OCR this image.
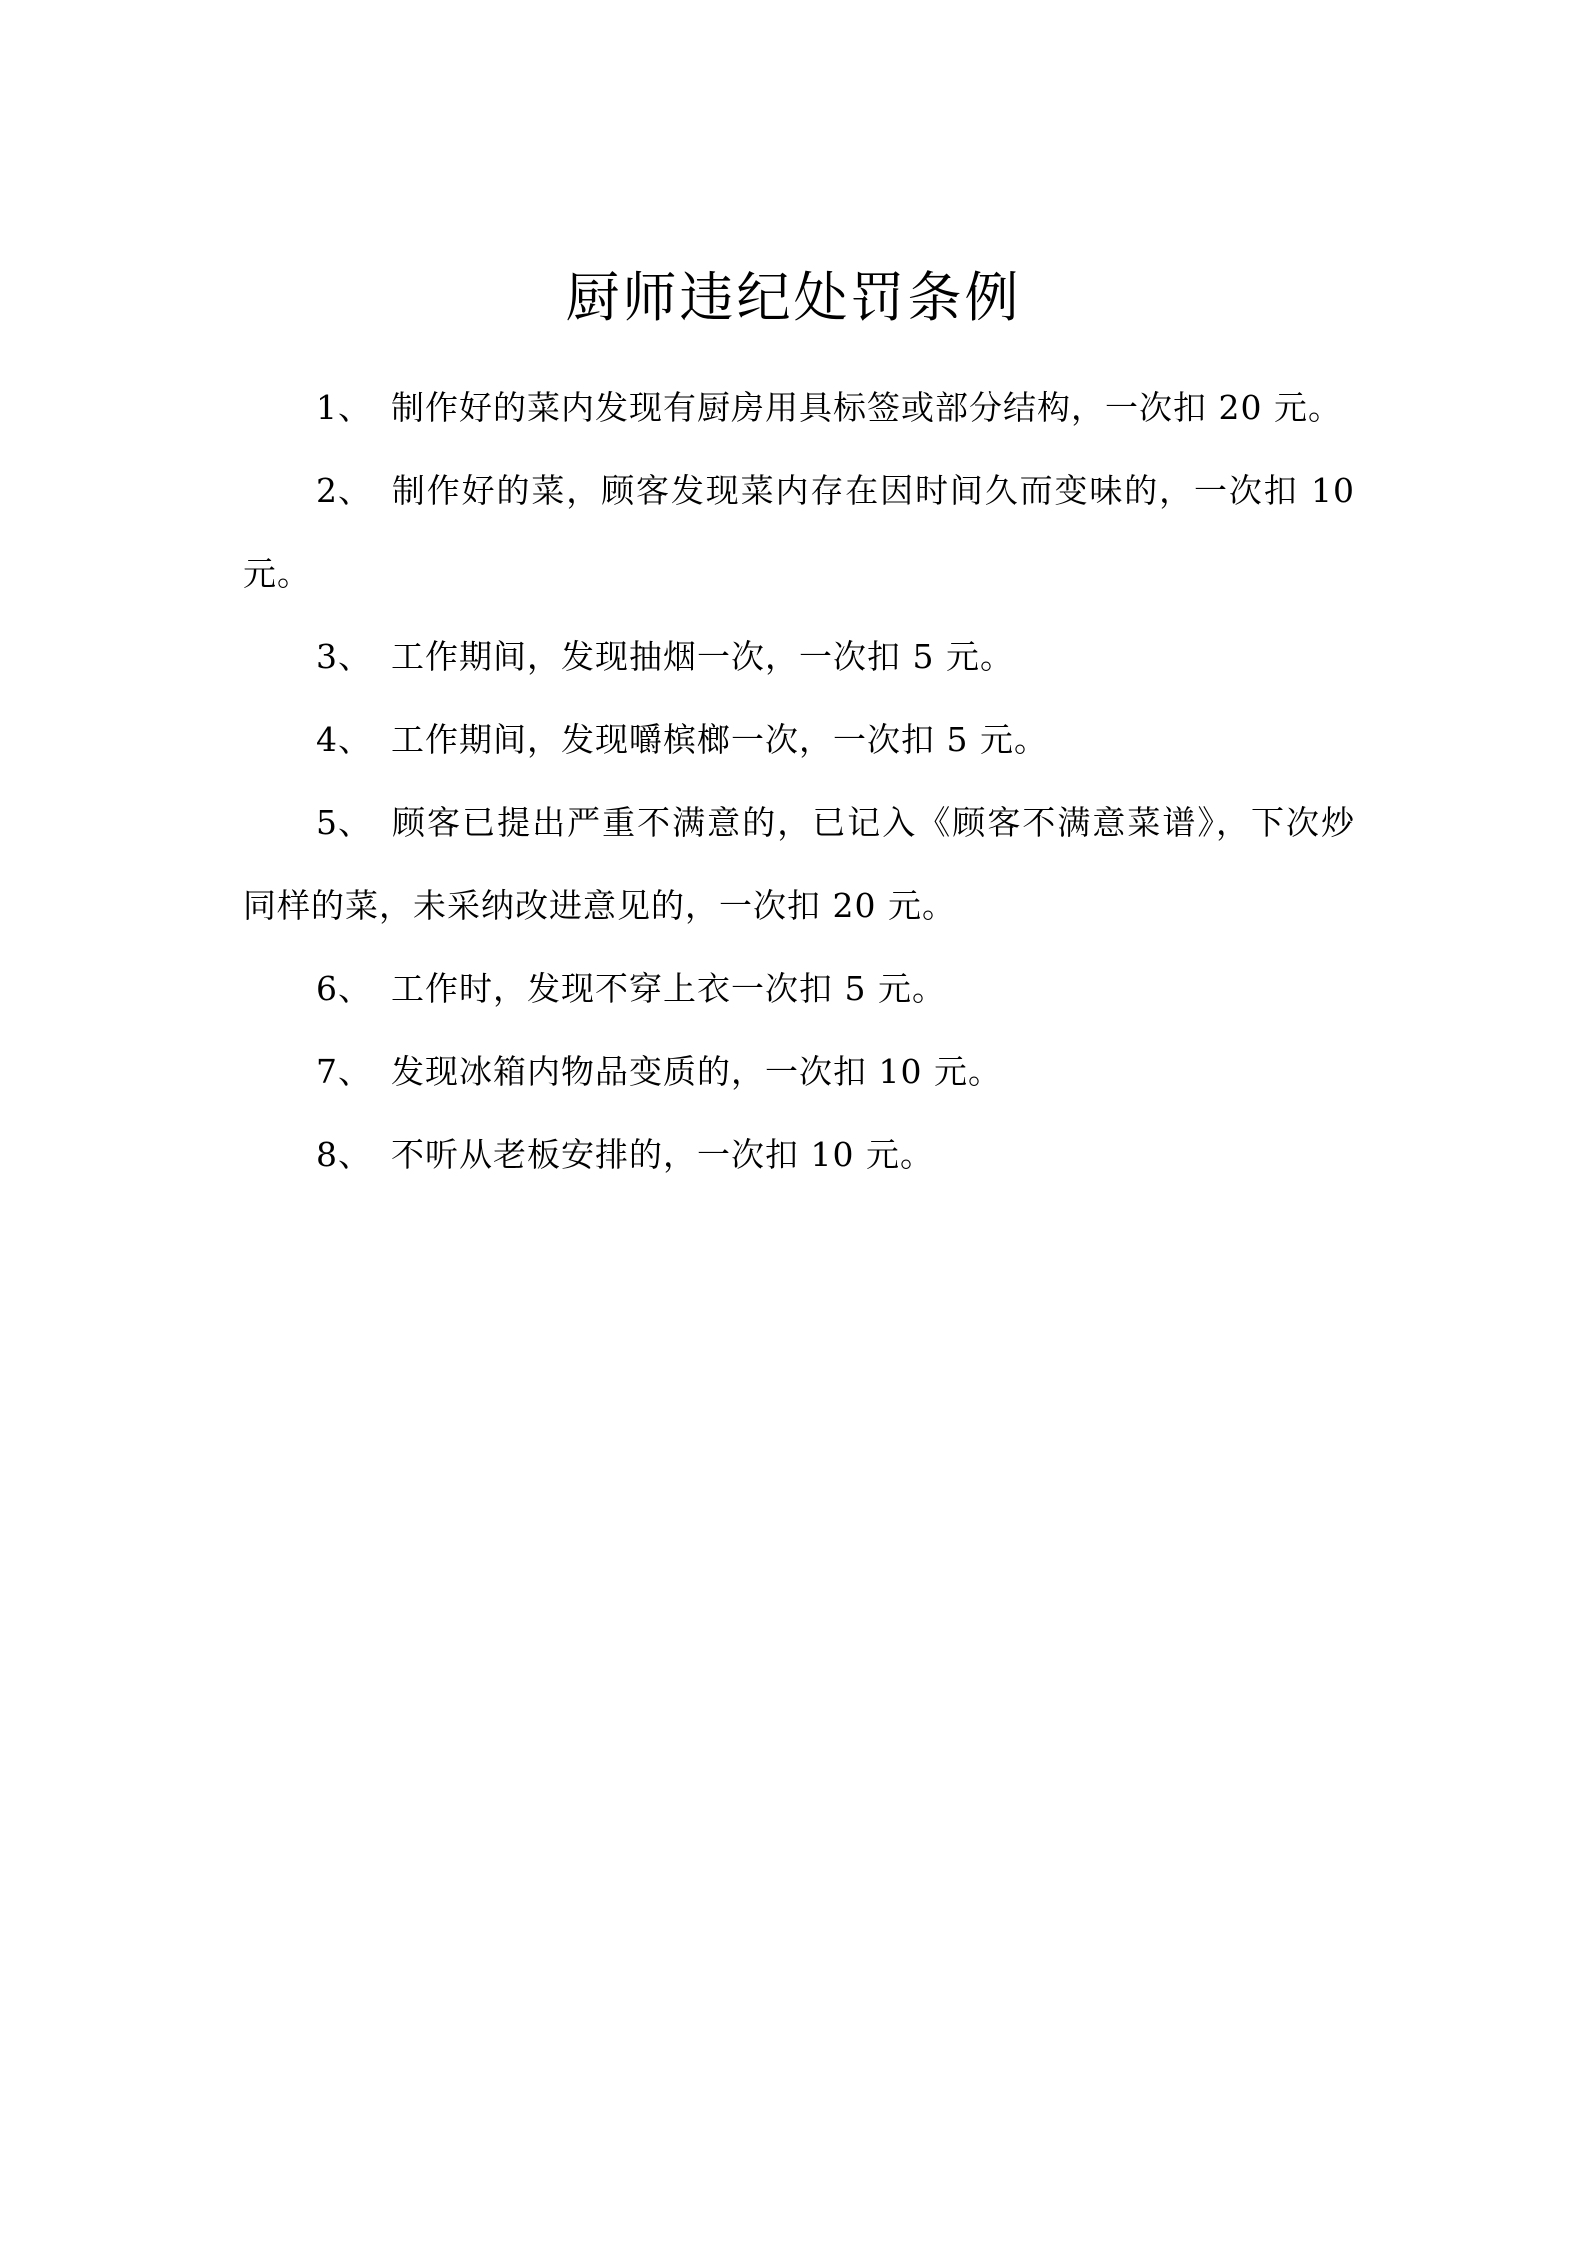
厨师违纪处罚条例
1、 制作好的菜内发现有厨房用具标签或部分结构，一次扣 20 元。
2、 制作好的菜，顾客发现菜内存在因时间久而变味的，一次扣 10 元。
3、 工作期间，发现抽烟一次，一次扣 5 元。
4、 工作期间，发现嚼槟榔一次，一次扣 5 元。
5、 顾客已提出严重不满意的，已记入《顾客不满意菜谱》，下次炒同样的菜，未采纳改进意见的，一次扣 20 元。
6、 工作时，发现不穿上衣一次扣 5 元。
7、 发现冰箱内物品变质的，一次扣 10 元。
8、 不听从老板安排的，一次扣 10 元。
